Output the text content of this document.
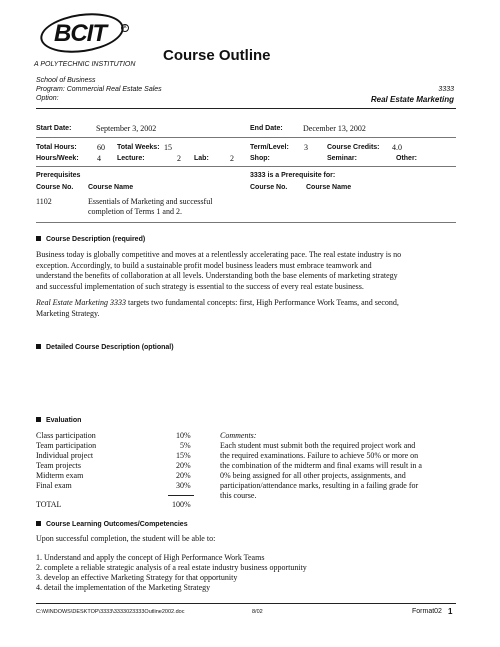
BCIT	R
A POLYTECHNIC INSTITUTION
Course Outline
School of Business
Program: Commercial Real Estate Sales
Option:
3333
Real Estate Marketing
Start Date:	September 3, 2002	End Date:	December 13, 2002
Total Hours:	60 Total Weeks: 15	Term/Level: 3	Course Credits: 4.0
Hours/Week: 4 Lecture:	2 Lab:	2 Shop:	Seminar:	Other:
Prerequisites
Course No. Course Name
1102	Essentials of Marketing and successful
completion of Terms 1 and 2.
3333 is a Prerequisite for:
Course No.	Course Name
Course Description (required)
Business today is globally competitive and moves at a relentlessly accelerating pace. The real estate industry is no
exception. Accordingly, to build a sustainable profit model business leaders must embrace teamwork and
understand the benefits of collaboration at all levels. Understanding both the base elements of marketing strategy
and successful implementation of such strategy is essential to the success of every real estate business.
Real Estate Marketing 3333 targets two fundamental concepts: first, High Performance Work Teams, and second,
Marketing Strategy.
Detailed Course Description (optional)
Evaluation
Class participation	10%
Team participation	5%
Individual project	15%
Team projects	20%
Midterm exam	20%
Final exam	30%
TOTAL	100%
Comments:
Each student must submit both the required project work and
the required examinations. Failure to achieve 50% or more on
the combination of the midterm and final exams will result in a
0% being assigned for all other projects, assignments, and
participation/attendance marks, resulting in a failing grade for
this course.
Course Learning Outcomes/Competencies
Upon successful completion, the student will be able to:
1. Understand and apply the concept of High Performance Work Teams
2. complete a reliable strategic analysis of a real estate industry business opportunity
3. develop an effective Marketing Strategy for that opportunity
4. detail the implementation of the Marketing Strategy
C:\WINDOWS\DESKTOP\3333\3333023333Outline2002.doc	8/02	Format02 1
